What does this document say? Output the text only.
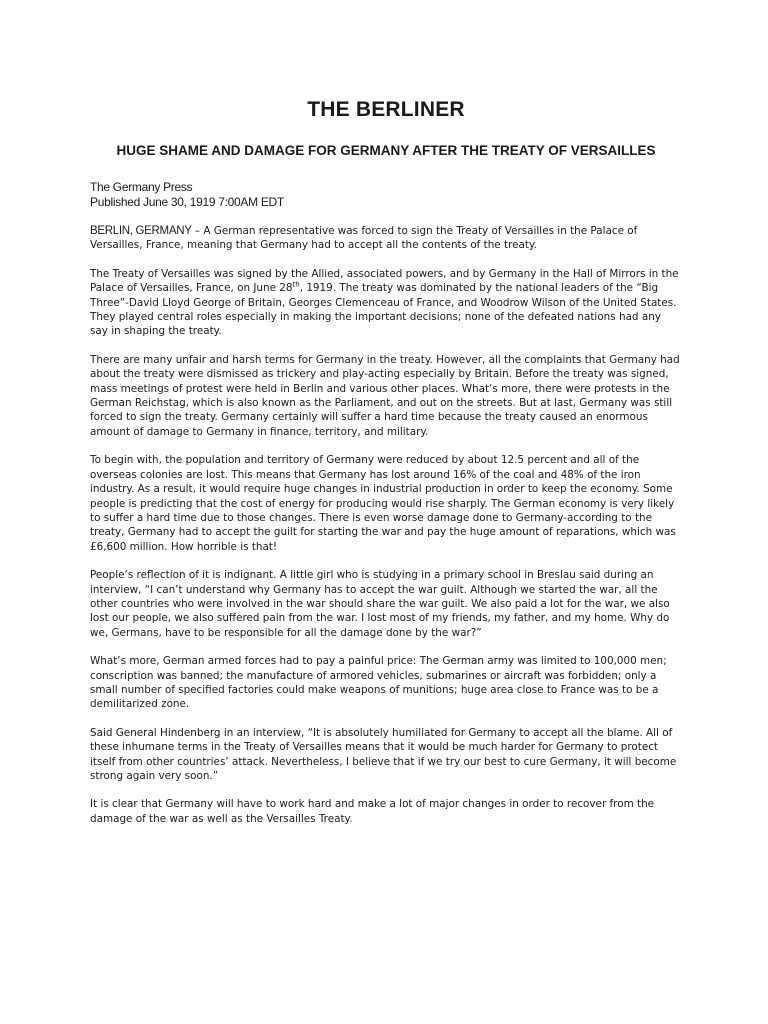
THE BERLINER
HUGE SHAME AND DAMAGE FOR GERMANY AFTER THE TREATY OF VERSAILLES
The Germany Press
Published June 30, 1919 7:00AM EDT

BERLIN, GERMANY – A German representative was forced to sign the Treaty of Versailles in the Palace of Versailles, France, meaning that Germany had to accept all the contents of the treaty.

The Treaty of Versailles was signed by the Allied, associated powers, and by Germany in the Hall of Mirrors in the Palace of Versailles, France, on June 28th, 1919. The treaty was dominated by the national leaders of the “Big Three”-David Lloyd George of Britain, Georges Clemenceau of France, and Woodrow Wilson of the United States. They played central roles especially in making the important decisions; none of the defeated nations had any say in shaping the treaty.

There are many unfair and harsh terms for Germany in the treaty. However, all the complaints that Germany had about the treaty were dismissed as trickery and play-acting especially by Britain. Before the treaty was signed, mass meetings of protest were held in Berlin and various other places. What’s more, there were protests in the German Reichstag, which is also known as the Parliament, and out on the streets. But at last, Germany was still forced to sign the treaty. Germany certainly will suffer a hard time because the treaty caused an enormous amount of damage to Germany in finance, territory, and military.

To begin with, the population and territory of Germany were reduced by about 12.5 percent and all of the overseas colonies are lost. This means that Germany has lost around 16% of the coal and 48% of the iron industry. As a result, it would require huge changes in industrial production in order to keep the economy. Some people is predicting that the cost of energy for producing would rise sharply. The German economy is very likely to suffer a hard time due to those changes. There is even worse damage done to Germany-according to the treaty, Germany had to accept the guilt for starting the war and pay the huge amount of reparations, which was £6,600 million. How horrible is that!

People’s reflection of it is indignant. A little girl who is studying in a primary school in Breslau said during an interview, “I can’t understand why Germany has to accept the war guilt. Although we started the war, all the other countries who were involved in the war should share the war guilt. We also paid a lot for the war, we also lost our people, we also suffered pain from the war. I lost most of my friends, my father, and my home. Why do we, Germans, have to be responsible for all the damage done by the war?”

What’s more, German armed forces had to pay a painful price: The German army was limited to 100,000 men; conscription was banned; the manufacture of armored vehicles, submarines or aircraft was forbidden; only a small number of specified factories could make weapons of munitions; huge area close to France was to be a demilitarized zone.

Said General Hindenberg in an interview, “It is absolutely humiliated for Germany to accept all the blame. All of these inhumane terms in the Treaty of Versailles means that it would be much harder for Germany to protect itself from other countries’ attack. Nevertheless, I believe that if we try our best to cure Germany, it will become strong again very soon.”

It is clear that Germany will have to work hard and make a lot of major changes in order to recover from the damage of the war as well as the Versailles Treaty.
